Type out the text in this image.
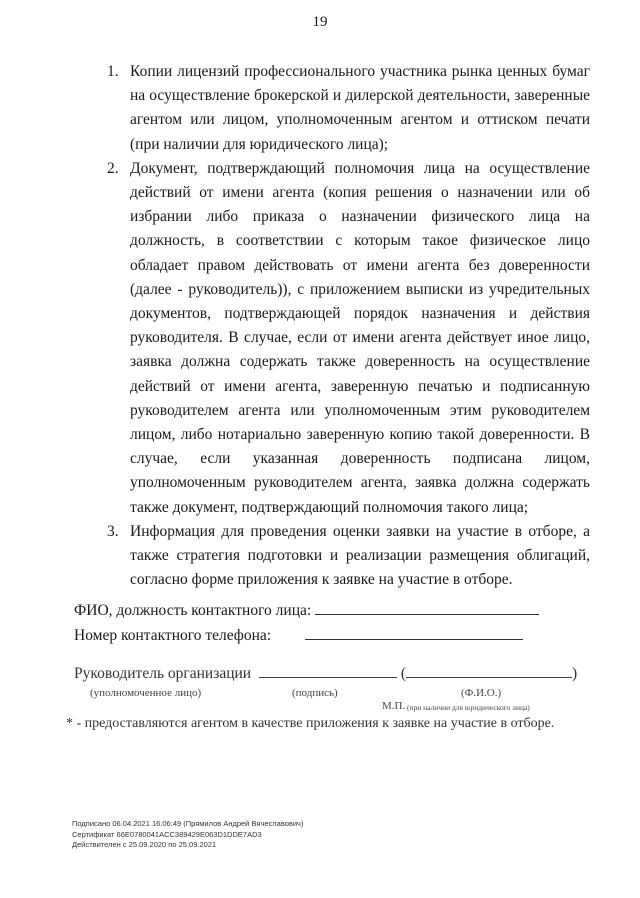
19
1. Копии лицензий профессионального участника рынка ценных бумаг на осуществление брокерской и дилерской деятельности, заверенные агентом или лицом, уполномоченным агентом и оттиском печати (при наличии для юридического лица);
2. Документ, подтверждающий полномочия лица на осуществление действий от имени агента (копия решения о назначении или об избрании либо приказа о назначении физического лица на должность, в соответствии с которым такое физическое лицо обладает правом действовать от имени агента без доверенности (далее - руководитель)), с приложением выписки из учредительных документов, подтверждающей порядок назначения и действия руководителя. В случае, если от имени агента действует иное лицо, заявка должна содержать также доверенность на осуществление действий от имени агента, заверенную печатью и подписанную руководителем агента или уполномоченным этим руководителем лицом, либо нотариально заверенную копию такой доверенности. В случае, если указанная доверенность подписана лицом, уполномоченным руководителем агента, заявка должна содержать также документ, подтверждающий полномочия такого лица;
3. Информация для проведения оценки заявки на участие в отборе, а также стратегия подготовки и реализации размещения облигаций, согласно форме приложения к заявке на участие в отборе.
ФИО, должность контактного лица:
Номер контактного телефона:
Руководитель организации	(	)
(уполномоченное лицо)	(подпись)	(Ф.И.О.)
М.П. (при наличии для юридического лица)
* - предоставляются агентом в качестве приложения к заявке на участие в отборе.
Подписано 06.04.2021 16:06:49 (Прямилов Андрей Вячеславович)
Сертификат 66E0780041ACC389429E063D1DDE7AD3
Действителен с 25.09.2020 по 25.09.2021
